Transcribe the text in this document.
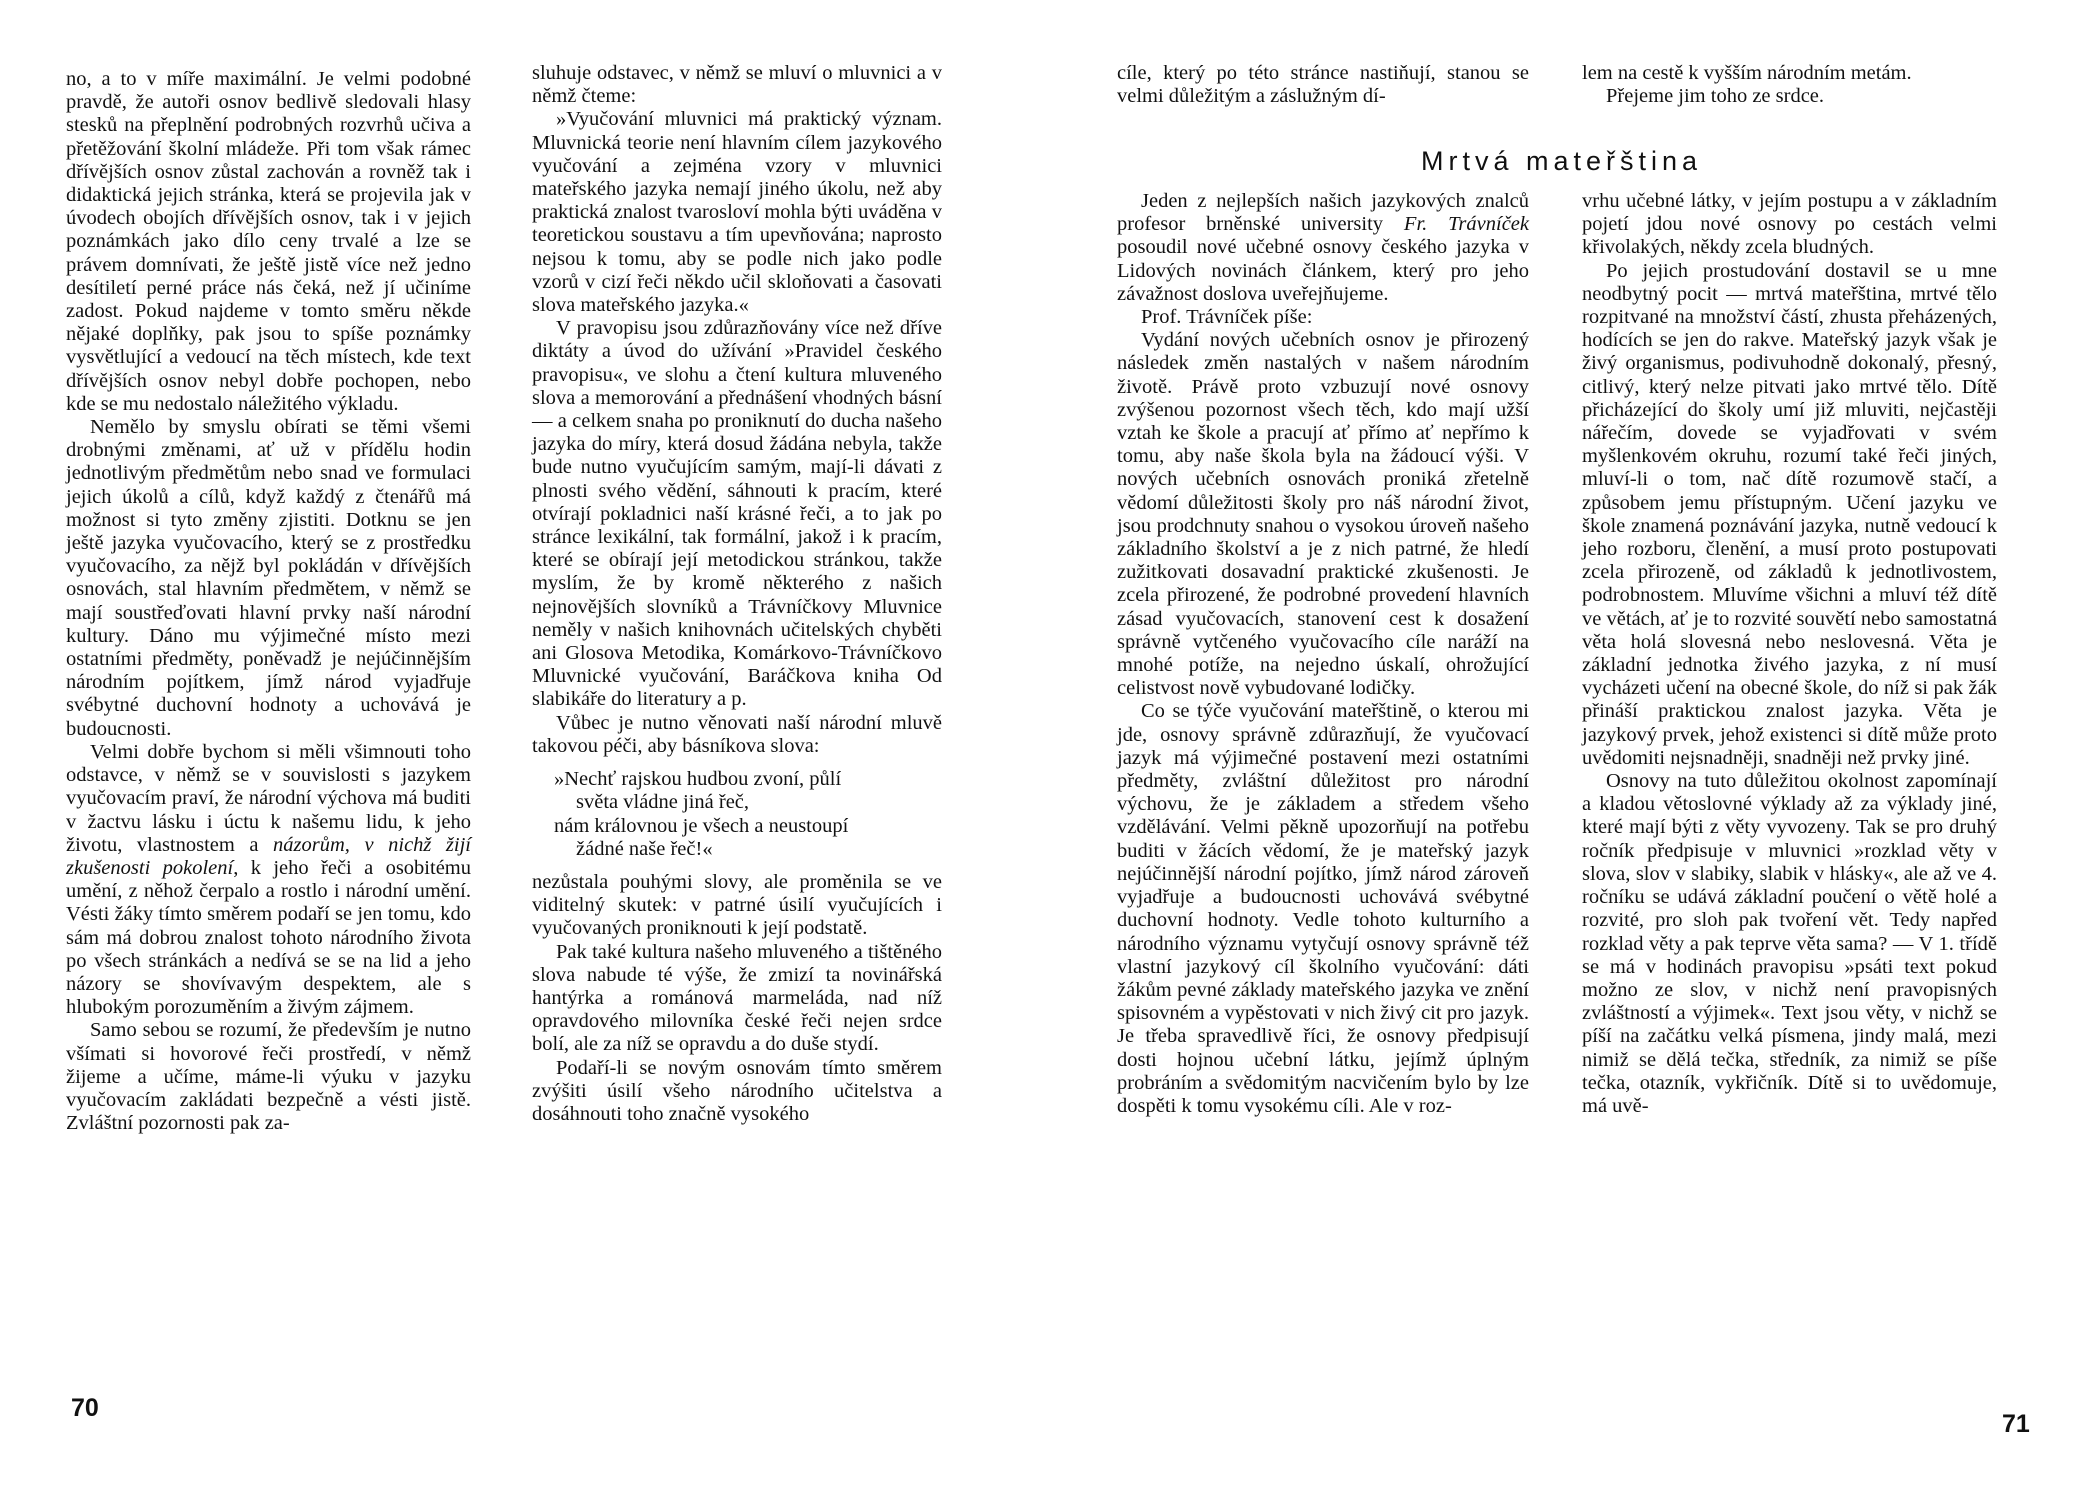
no, a to v míře maximální. Je velmi podobné pravdě, že autoři osnov bedlivě sledovali hlasy stesků na přeplnění podrobných rozvrhů učiva a přetěžování školní mládeže. Při tom však rámec dřívějších osnov zůstal zachován a rovněž tak i didaktická jejich stránka, která se projevila jak v úvodech obojích dřívějších osnov, tak i v jejich poznámkách jako dílo ceny trvalé a lze se právem domnívati, že ještě jistě více než jedno desítiletí perné práce nás čeká, než jí učiníme zadost. Pokud najdeme v tomto směru někde nějaké doplňky, pak jsou to spíše poznámky vysvětlující a vedoucí na těch místech, kde text dřívějších osnov nebyl dobře pochopen, nebo kde se mu nedostalo náležitého výkladu.

Nemělo by smyslu obírati se těmi všemi drobnými změnami, ať už v přídělu hodin jednotlivým předmětům nebo snad ve formulaci jejich úkolů a cílů, když každý z čtenářů má možnost si tyto změny zjistiti. Dotknu se jen ještě jazyka vyučovacího, který se z prostředku vyučovacího, za nějž byl pokládán v dřívějších osnovách, stal hlavním předmětem, v němž se mají soustřeďovati hlavní prvky naší národní kultury. Dáno mu výjimečné místo mezi ostatními předměty, poněvadž je nejúčinnějším národním pojítkem, jímž národ vyjadřuje svébytné duchovní hodnoty a uchovává je budoucnosti.

Velmi dobře bychom si měli všimnouti toho odstavce, v němž se v souvislosti s jazykem vyučovacím praví, že národní výchova má buditi v žactvu lásku i úctu k našemu lidu, k jeho životu, vlastnostem a názorům, v nichž žijí zkušenosti pokolení, k jeho řeči a osobitému umění, z něhož čerpalo a rostlo i národní umění. Vésti žáky tímto směrem podaří se jen tomu, kdo sám má dobrou znalost tohoto národního života po všech stránkách a nedívá se se na lid a jeho názory se shovívavým despektem, ale s hlubokým porozuměním a živým zájmem.

Samo sebou se rozumí, že především je nutno všímati si hovorové řeči prostředí, v němž žijeme a učíme, máme-li výuku v jazyku vyučovacím zakládati bezpečně a vésti jistě. Zvláštní pozornosti pak za-

sluhuje odstavec, v němž se mluví o mluvnici a v němž čteme:

»Vyučování mluvnici má praktický význam. Mluvnická teorie není hlavním cílem jazykového vyučování a zejména vzory v mluvnici mateřského jazyka nemají jiného úkolu, než aby praktická znalost tvarosloví mohla býti uváděna v teoretickou soustavu a tím upevňována; naprosto nejsou k tomu, aby se podle nich jako podle vzorů v cizí řeči někdo učil skloňovati a časovati slova mateřského jazyka.«

V pravopisu jsou zdůrazňovány více než dříve diktáty a úvod do užívání »Pravidel českého pravopisu«, ve slohu a čtení kultura mluveného slova a memorování a přednášení vhodných básní — a celkem snaha po proniknutí do ducha našeho jazyka do míry, která dosud žádána nebyla, takže bude nutno vyučujícím samým, mají-li dávati z plnosti svého vědění, sáhnouti k pracím, které otvírají pokladnici naší krásné řeči, a to jak po stránce lexikální, tak formální, jakož i k pracím, které se obírají její metodickou stránkou, takže myslím, že by kromě některého z našich nejnovějších slovníků a Trávníčkovy Mluvnice neměly v našich knihovnách učitelských chyběti ani Glosova Metodika, Komárkovo-Trávníčkovo Mluvnické vyučování, Baráčkova kniha Od slabikáře do literatury a p.

Vůbec je nutno věnovati naší národní mluvě takovou péči, aby básníkova slova:

»Nechť rajskou hudbou zvoní, půlí
světa vládne jiná řeč,
nám královnou je všech a neustoupí
žádné naše řeč!«

nezůstala pouhými slovy, ale proměnila se ve viditelný skutek: v patrné úsilí vyučujících i vyučovaných proniknouti k její podstatě.

Pak také kultura našeho mluveného a tištěného slova nabude té výše, že zmizí ta novinářská hantýrka a románová marmeláda, nad níž opravdového milovníka české řeči nejen srdce bolí, ale za níž se opravdu a do duše stydí.

Podaří-li se novým osnovám tímto směrem zvýšiti úsilí všeho národního učitelstva a dosáhnouti toho značně vysokého

70

cíle, který po této stránce nastiňují, stanou se velmi důležitým a záslužným dí-

lem na cestě k vyšším národním metám.

Přejeme jim toho ze srdce.

Mrtvá mateřština

Jeden z nejlepších našich jazykových znalců profesor brněnské university Fr. Trávníček posoudil nové učebné osnovy českého jazyka v Lidových novinách článkem, který pro jeho závažnost doslova uveřejňujeme.

Prof. Trávníček píše:

Vydání nových učebních osnov je přirozený následek změn nastalých v našem národním životě. Právě proto vzbuzují nové osnovy zvýšenou pozornost všech těch, kdo mají užší vztah ke škole a pracují ať přímo ať nepřímo k tomu, aby naše škola byla na žádoucí výši. V nových učebních osnovách proniká zřetelně vědomí důležitosti školy pro náš národní život, jsou prodchnuty snahou o vysokou úroveň našeho základního školství a je z nich patrné, že hledí zužitkovati dosavadní praktické zkušenosti. Je zcela přirozené, že podrobné provedení hlavních zásad vyučovacích, stanovení cest k dosažení správně vytčeného vyučovacího cíle naráží na mnohé potíže, na nejedno úskalí, ohrožující celistvost nově vybudované lodičky.

Co se týče vyučování mateřštině, o kterou mi jde, osnovy správně zdůrazňují, že vyučovací jazyk má výjimečné postavení mezi ostatními předměty, zvláštní důležitost pro národní výchovu, že je základem a středem všeho vzdělávání. Velmi pěkně upozorňují na potřebu buditi v žácích vědomí, že je mateřský jazyk nejúčinnější národní pojítko, jímž národ zároveň vyjadřuje a budoucnosti uchovává svébytné duchovní hodnoty. Vedle tohoto kulturního a národního významu vytyčují osnovy správně též vlastní jazykový cíl školního vyučování: dáti žákům pevné základy mateřského jazyka ve znění spisovném a vypěstovati v nich živý cit pro jazyk. Je třeba spravedlivě říci, že osnovy předpisují dosti hojnou učební látku, jejímž úplným probráním a svědomitým nacvičením bylo by lze dospěti k tomu vysokému cíli. Ale v roz-

vrhu učebné látky, v jejím postupu a v základním pojetí jdou nové osnovy po cestách velmi křivolakých, někdy zcela bludných.

Po jejich prostudování dostavil se u mne neodbytný pocit — mrtvá mateřština, mrtvé tělo rozpitvané na množství částí, zhusta přeházených, hodících se jen do rakve. Mateřský jazyk však je živý organismus, podivuhodně dokonalý, přesný, citlivý, který nelze pitvati jako mrtvé tělo. Dítě přicházející do školy umí již mluviti, nejčastěji nářečím, dovede se vyjadřovati v svém myšlenkovém okruhu, rozumí také řeči jiných, mluví-li o tom, nač dítě rozumově stačí, a způsobem jemu přístupným. Učení jazyku ve škole znamená poznávání jazyka, nutně vedoucí k jeho rozboru, členění, a musí proto postupovati zcela přirozeně, od základů k jednotlivostem, podrobnostem. Mluvíme všichni a mluví též dítě ve větách, ať je to rozvité souvětí nebo samostatná věta holá slovesná nebo neslovesná. Věta je základní jednotka živého jazyka, z ní musí vycházeti učení na obecné škole, do níž si pak žák přináší praktickou znalost jazyka. Věta je jazykový prvek, jehož existenci si dítě může proto uvědomiti nejsnadněji, snadněji než prvky jiné.

Osnovy na tuto důležitou okolnost zapomínají a kladou větoslovné výklady až za výklady jiné, které mají býti z věty vyvozeny. Tak se pro druhý ročník předpisuje v mluvnici »rozklad věty v slova, slov v slabiky, slabik v hlásky«, ale až ve 4. ročníku se udává základní poučení o větě holé a rozvité, pro sloh pak tvoření vět. Tedy napřed rozklad věty a pak teprve věta sama? — V 1. třídě se má v hodinách pravopisu »psáti text pokud možno ze slov, v nichž není pravopisných zvláštností a výjimek«. Text jsou věty, v nichž se píší na začátku velká písmena, jindy malá, mezi nimiž se dělá tečka, středník, za nimiž se píše tečka, otazník, vykřičník. Dítě si to uvědomuje, má uvě-

71
